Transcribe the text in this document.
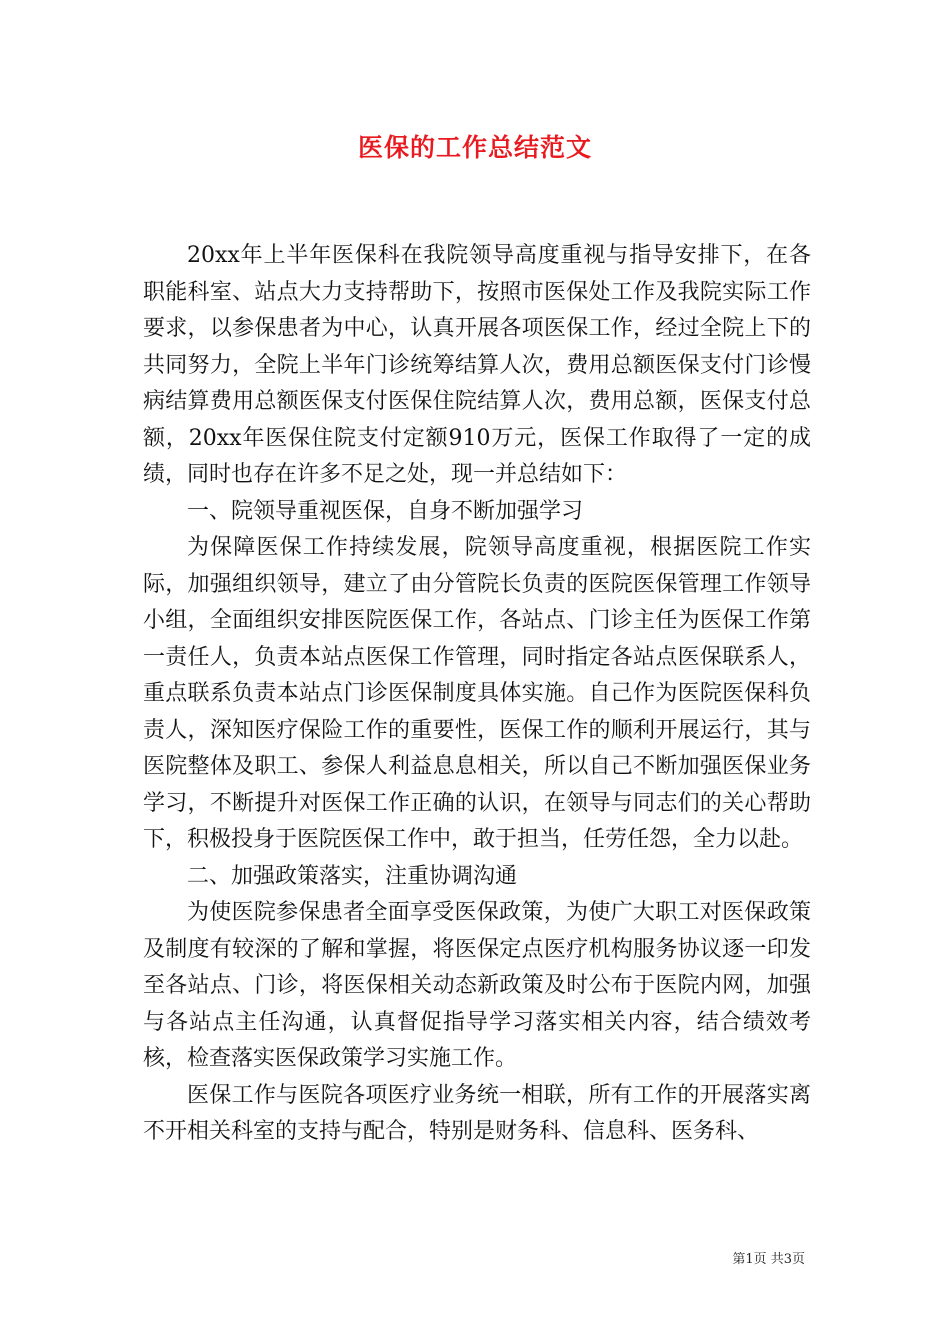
医保的工作总结范文

20xx年上半年医保科在我院领导高度重视与指导安排下，在各职能科室、站点大力支持帮助下，按照市医保处工作及我院实际工作要求，以参保患者为中心，认真开展各项医保工作，经过全院上下的共同努力，全院上半年门诊统筹结算人次，费用总额医保支付门诊慢病结算费用总额医保支付医保住院结算人次，费用总额，医保支付总额，20xx年医保住院支付定额910万元，医保工作取得了一定的成绩，同时也存在许多不足之处，现一并总结如下：

一、院领导重视医保，自身不断加强学习

为保障医保工作持续发展，院领导高度重视，根据医院工作实际，加强组织领导，建立了由分管院长负责的医院医保管理工作领导小组，全面组织安排医院医保工作，各站点、门诊主任为医保工作第一责任人，负责本站点医保工作管理，同时指定各站点医保联系人，重点联系负责本站点门诊医保制度具体实施。自己作为医院医保科负责人，深知医疗保险工作的重要性，医保工作的顺利开展运行，其与医院整体及职工、参保人利益息息相关，所以自己不断加强医保业务学习，不断提升对医保工作正确的认识，在领导与同志们的关心帮助下，积极投身于医院医保工作中，敢于担当，任劳任怨，全力以赴。

二、加强政策落实，注重协调沟通

为使医院参保患者全面享受医保政策，为使广大职工对医保政策及制度有较深的了解和掌握，将医保定点医疗机构服务协议逐一印发至各站点、门诊，将医保相关动态新政策及时公布于医院内网，加强与各站点主任沟通，认真督促指导学习落实相关内容，结合绩效考核，检查落实医保政策学习实施工作。

医保工作与医院各项医疗业务统一相联，所有工作的开展落实离不开相关科室的支持与配合，特别是财务科、信息科、医务科、

第1页 共3页
